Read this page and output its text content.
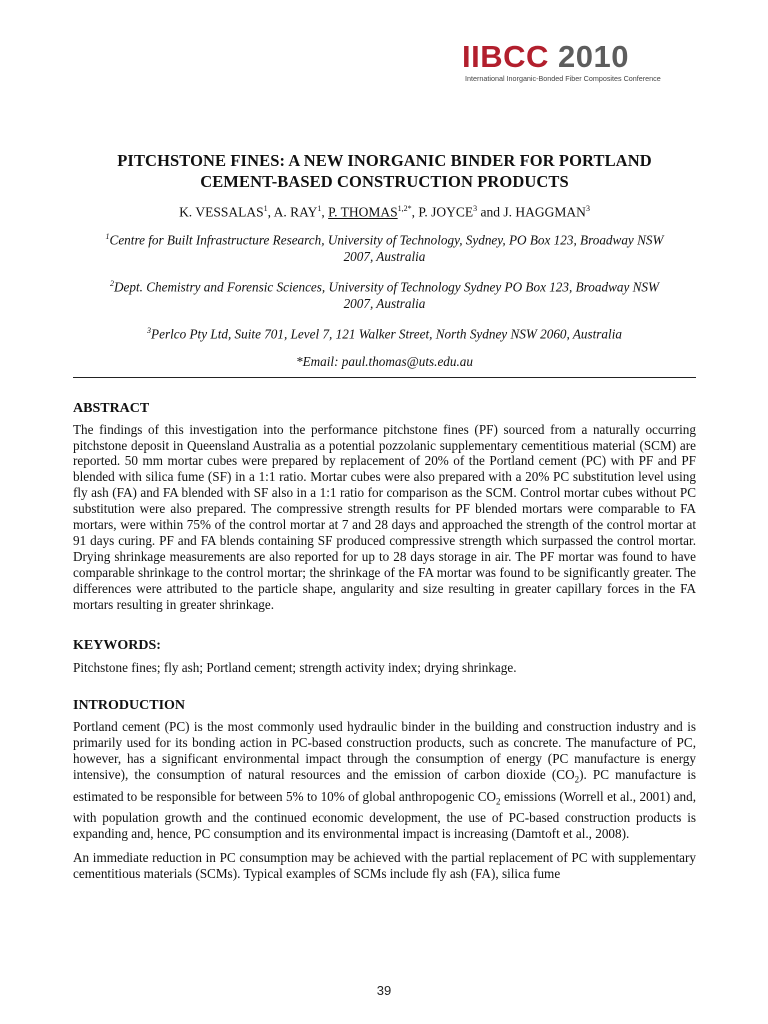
IIBCC 2010
International Inorganic-Bonded Fiber Composites Conference
PITCHSTONE FINES: A NEW INORGANIC BINDER FOR PORTLAND
CEMENT-BASED CONSTRUCTION PRODUCTS
K. VESSALAS$^1$, A. RAY$^1$, P. $THOMAS^{1,2*}$, P. JOYCE$^3$ and J. HAGGMAN$^3$
$^1$Centre for Built Infrastructure Research, University of Technology, Sydney, PO Box 123, Broadway NSW
2007, Australia
$^2$Dept. Chemistry and Forensic Sciences, University of Technology Sydney PO Box 123, Broadway NSW
2007, Australia
$^3$Perlco Pty Ltd, Suite 701, Level 7, 121 Walker Street, North Sydney NSW 2060, Australia
*Email: paul.thomas@uts.edu.au
ABSTRACT

The findings of this investigation into the performance pitchstone fines (PF) sourced from a naturally occurring pitchstone deposit in Queensland Australia as a potential pozzolanic supplementary cementitious material (SCM) are reported. 50 mm mortar cubes were prepared by replacement of 20% of the Portland cement (PC) with PF and PF blended with silica fume (SF) in a 1:1 ratio. Mortar cubes were also prepared with a 20% PC substitution level using fly ash (FA) and FA blended with SF also in a 1:1 ratio for comparison as the SCM. Control mortar cubes without PC substitution were also prepared. The compressive strength results for PF blended mortars were comparable to FA mortars, were within 75% of the control mortar at 7 and 28 days and approached the strength of the control mortar at 91 days curing. PF and FA blends containing SF produced compressive strength which surpassed the control mortar. Drying shrinkage measurements are also reported for up to 28 days storage in air. The PF mortar was found to have comparable shrinkage to the control mortar; the shrinkage of the FA mortar was found to be significantly greater. The differences were attributed to the particle shape, angularity and size resulting in greater capillary forces in the FA mortars resulting in greater shrinkage.

KEYWORDS:

Pitchstone fines; fly ash; Portland cement; strength activity index; drying shrinkage.

INTRODUCTION

Portland cement (PC) is the most commonly used hydraulic binder in the building and construction industry and is primarily used for its bonding action in PC-based construction products, such as concrete. The manufacture of PC, however, has a significant environmental impact through the consumption of energy (PC manufacture is energy intensive), the consumption of natural resources and the emission of carbon dioxide $(CO_2)$. PC manufacture is estimated to be responsible for between 5% to 10% of global anthropogenic $CO_2$ emissions (Worrell et al., 2001) and, with population growth and the continued economic development, the use of PC-based construction products is expanding and, hence, PC consumption and its environmental impact is increasing (Damtoft et al., 2008).

An immediate reduction in PC consumption may be achieved with the partial replacement of PC with supplementary cementitious materials (SCMs). Typical examples of SCMs include fly ash (FA), silica fume

39
